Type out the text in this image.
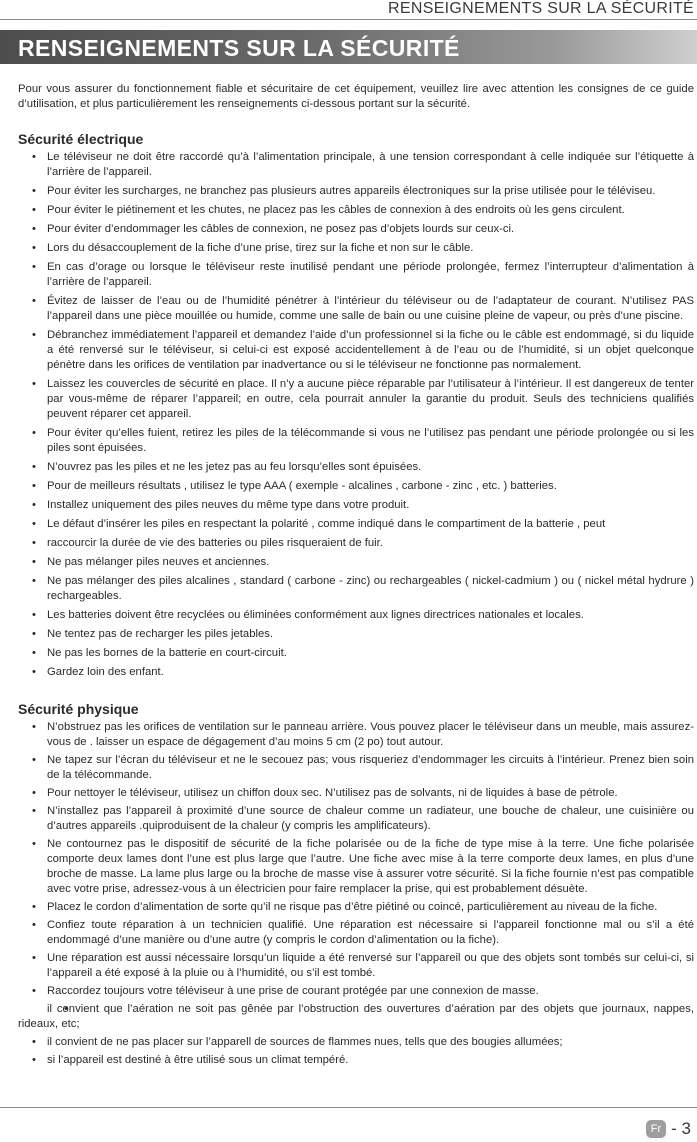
RENSEIGNEMENTS SUR LA SÉCURITÉ
RENSEIGNEMENTS SUR LA SÉCURITÉ

Pour vous assurer du fonctionnement fiable et sécuritaire de cet équipement, veuillez lire avec attention les consignes de ce guide d’utilisation, et plus particulièrement les renseignements ci-dessous portant sur la sécurité.

Sécurité électrique
• Le téléviseur ne doit être raccordé qu’à l’alimentation principale, à une tension correspondant à celle indiquée sur l’étiquette à l’arrière de l’appareil.
• Pour éviter les surcharges, ne branchez pas plusieurs autres appareils électroniques sur la prise utilisée pour le téléviseu.
• Pour éviter le piétinement et les chutes, ne placez pas les câbles de connexion à des endroits où les gens circulent.
• Pour éviter d’endommager les câbles de connexion, ne posez pas d’objets lourds sur ceux-ci.
• Lors du désaccouplement de la fiche d’une prise, tirez sur la fiche et non sur le câble.
• En cas d’orage ou lorsque le téléviseur reste inutilisé pendant une période prolongée, fermez l’interrupteur d’alimentation à l’arrière de l’appareil.
• Évitez de laisser de l’eau ou de l’humidité pénétrer à l’intérieur du téléviseur ou de l’adaptateur de courant. N’utilisez PAS l’appareil dans une pièce mouillée ou humide, comme une salle de bain ou une cuisine pleine de vapeur, ou près d’une piscine.
• Débranchez immédiatement l’appareil et demandez l’aide d’un professionnel si la fiche ou le câble est endommagé, si du liquide a été renversé sur le téléviseur, si celui-ci est exposé accidentellement à de l’eau ou de l’humidité, si un objet quelconque pénètre dans les orifices de ventilation par inadvertance ou si le téléviseur ne fonctionne pas normalement.
• Laissez les couvercles de sécurité en place. Il n’y a aucune pièce réparable par l’utilisateur à l’intérieur. Il est dangereux de tenter par vous-même de réparer l’appareil; en outre, cela pourrait annuler la garantie du produit. Seuls des techniciens qualifiés peuvent réparer cet appareil.
• Pour éviter qu’elles fuient, retirez les piles de la télécommande si vous ne l’utilisez pas pendant une période prolongée ou si les piles sont épuisées.
• N’ouvrez pas les piles et ne les jetez pas au feu lorsqu’elles sont épuisées.
• Pour de meilleurs résultats , utilisez le type AAA ( exemple - alcalines , carbone - zinc , etc. ) batteries.
• Installez uniquement des piles neuves du même type dans votre produit.
• Le défaut d’insérer les piles en respectant la polarité , comme indiqué dans le compartiment de la batterie , peut
• raccourcir la durée de vie des batteries ou piles risqueraient de fuir.
• Ne pas mélanger piles neuves et anciennes.
• Ne pas mélanger des piles alcalines , standard ( carbone - zinc) ou rechargeables ( nickel-cadmium ) ou ( nickel métal hydrure ) rechargeables.
• Les batteries doivent être recyclées ou éliminées conformément aux lignes directrices nationales et locales.
• Ne tentez pas de recharger les piles jetables.
• Ne pas les bornes de la batterie en court-circuit.
• Gardez loin des enfant.
Sécurité physique
• N’obstruez pas les orifices de ventilation sur le panneau arrière. Vous pouvez placer le téléviseur dans un meuble, mais assurez-vous de . laisser un espace de dégagement d’au moins 5 cm (2 po) tout autour.
• Ne tapez sur l’écran du téléviseur et ne le secouez pas; vous risqueriez d’endommager les circuits à l’intérieur. Prenez bien soin de la télécommande.
• Pour nettoyer le téléviseur, utilisez un chiffon doux sec. N’utilisez pas de solvants, ni de liquides à base de pétrole.
• N’installez pas l’appareil à proximité d’une source de chaleur comme un radiateur, une bouche de chaleur, une cuisinière ou d’autres appareils .quiproduisent de la chaleur (y compris les amplificateurs).
• Ne contournez pas le dispositif de sécurité de la fiche polarisée ou de la fiche de type mise à la terre. Une fiche polarisée comporte deux lames dont l’une est plus large que l’autre. Une fiche avec mise à la terre comporte deux lames, en plus d’une broche de masse. La lame plus large ou la broche de masse vise à assurer votre sécurité. Si la fiche fournie n’est pas compatible avec votre prise, adressez-vous à un électricien pour faire remplacer la prise, qui est probablement désuète.
• Placez le cordon d’alimentation de sorte qu’il ne risque pas d’être piétiné ou coincé, particulièrement au niveau de la fiche.
• Confiez toute réparation à un technicien qualifié. Une réparation est nécessaire si l’appareil fonctionne mal ou s’il a été endommagé d’une manière ou d’une autre (y compris le cordon d’alimentation ou la fiche).
• Une réparation est aussi nécessaire lorsqu’un liquide a été renversé sur l’appareil ou que des objets sont tombés sur celui-ci, si l’appareil a été exposé à la pluie ou à l’humidité, ou s’il est tombé.
• Raccordez toujours votre téléviseur à une prise de courant protégée par une connexion de masse.
• il convient que l’aération ne soit pas gênée par l’obstruction des ouvertures d’aération par des objets que journaux, nappes, rideaux, etc;
• il convient de ne pas placer sur l’apparell de sources de flammes nues, tells que des bougies allumées;
• si l’appareil est destiné à être utilisé sous un climat tempéré.
Fr - 3
